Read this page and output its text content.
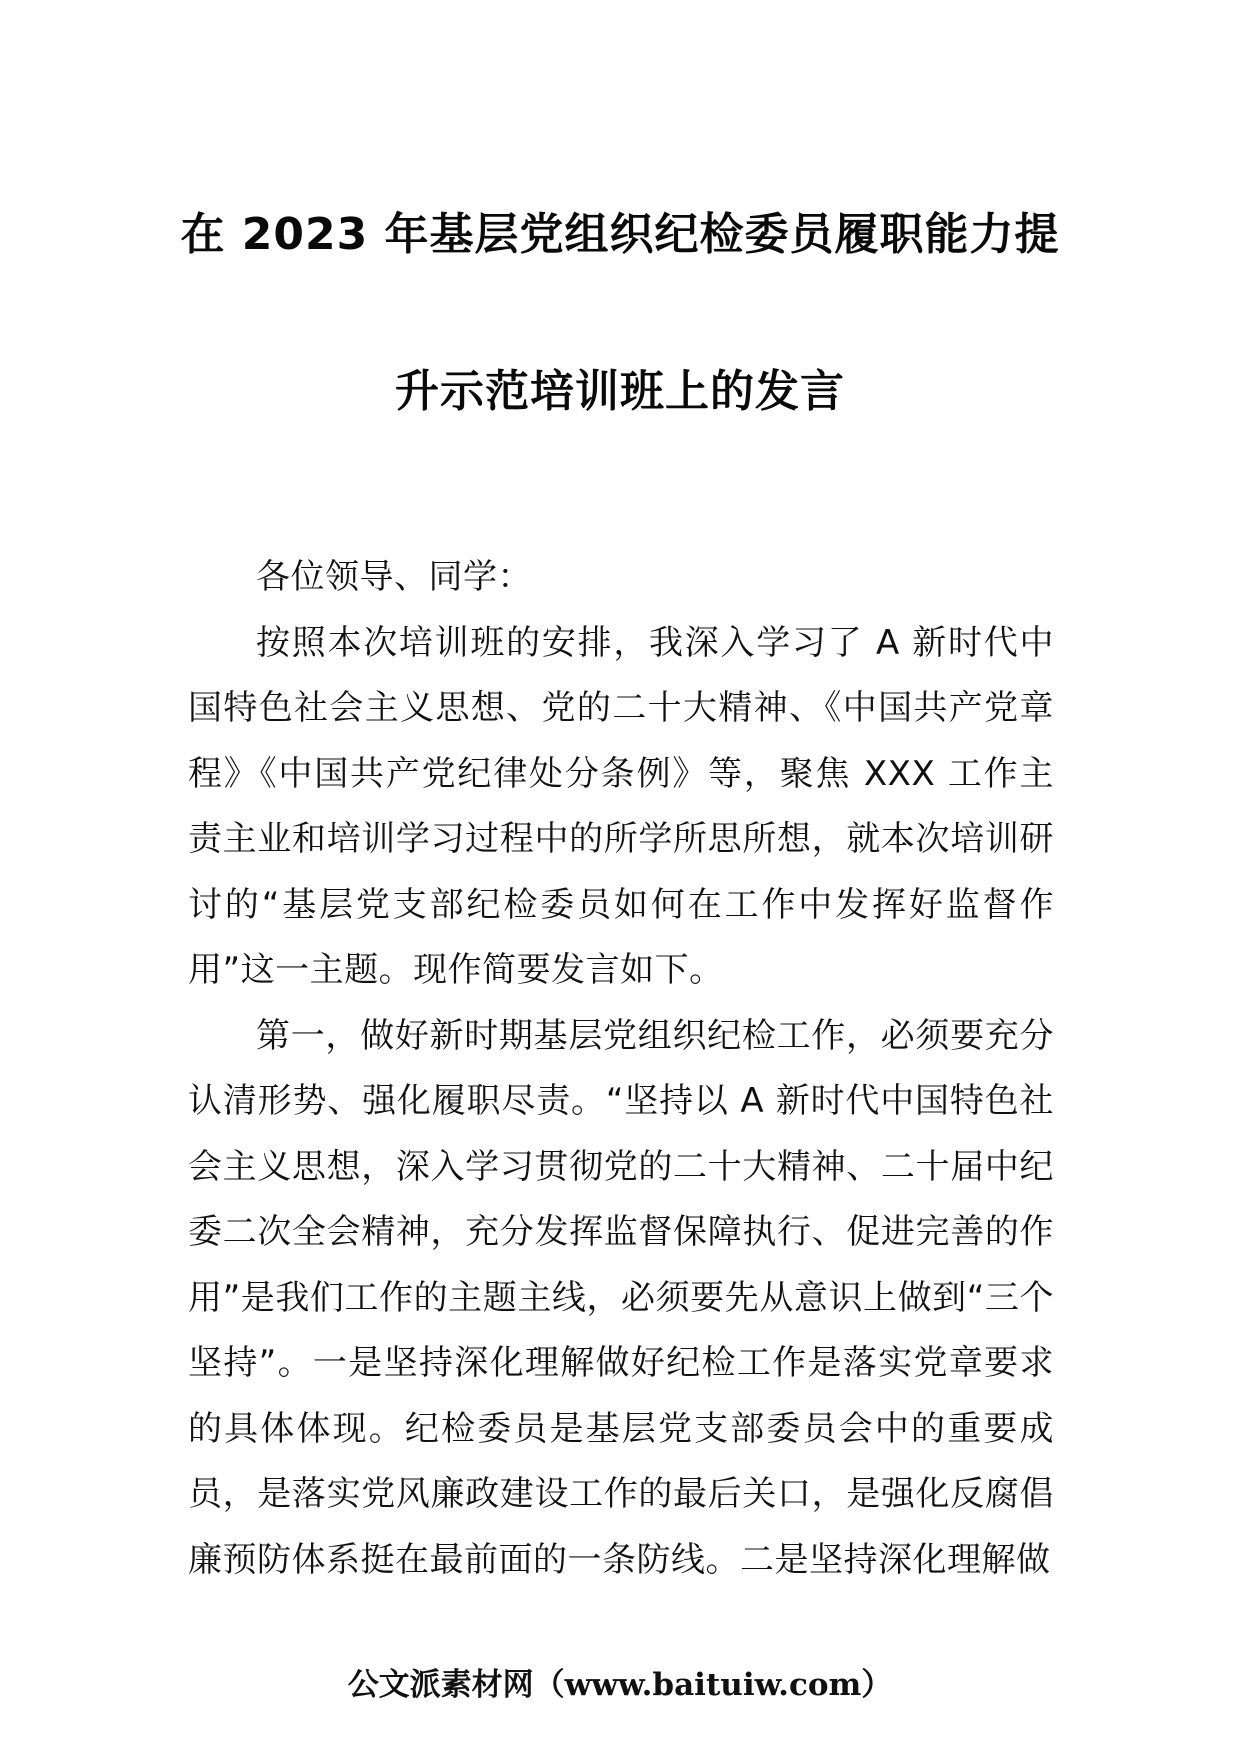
在 2023 年基层党组织纪检委员履职能力提
升示范培训班上的发言

各位领导、同学：

按照本次培训班的安排，我深入学习了 A 新时代中国特色社会主义思想、党的二十大精神、《中国共产党章程》《中国共产党纪律处分条例》等，聚焦 XXX 工作主责主业和培训学习过程中的所学所思所想，就本次培训研讨的“基层党支部纪检委员如何在工作中发挥好监督作用”这一主题。现作简要发言如下。

第一，做好新时期基层党组织纪检工作，必须要充分认清形势、强化履职尽责。“坚持以 A 新时代中国特色社会主义思想，深入学习贯彻党的二十大精神、二十届中纪委二次全会精神，充分发挥监督保障执行、促进完善的作用”是我们工作的主题主线，必须要先从意识上做到“三个坚持”。一是坚持深化理解做好纪检工作是落实党章要求的具体体现。纪检委员是基层党支部委员会中的重要成员，是落实党风廉政建设工作的最后关口，是强化反腐倡廉预防体系挺在最前面的一条防线。二是坚持深化理解做

公文派素材网（www.baituiw.com）
